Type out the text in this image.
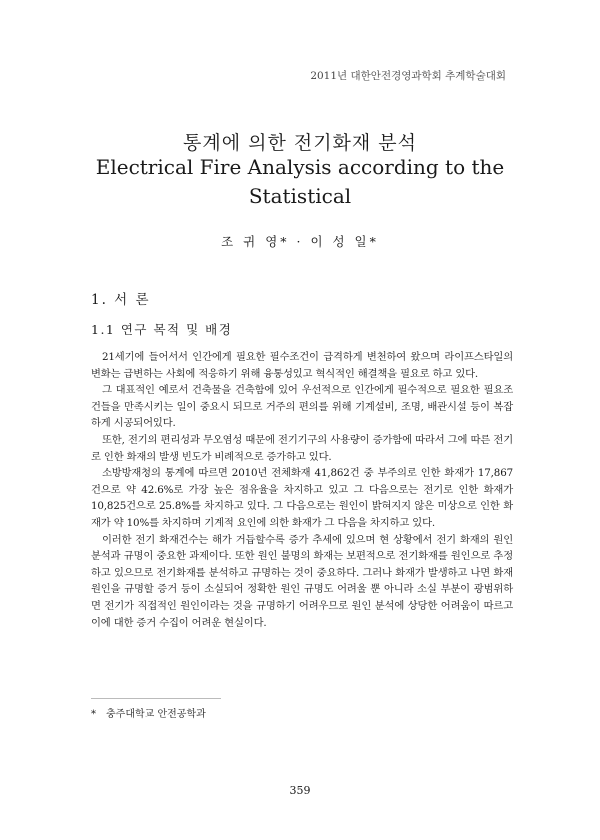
2011년 대한안전경영과학회 추계학술대회
통계에 의한 전기화재 분석
Electrical Fire Analysis according to the Statistical
조 귀 영* · 이 성 일*
1. 서 론
1.1 연구 목적 및 배경

21세기에 들어서서 인간에게 필요한 필수조건이 급격하게 변천하여 왔으며 라이프스타일의 변화는 급변하는 사회에 적응하기 위해 융통성있고 혁식적인 해결책을 필요로 하고 있다.

그 대표적인 예로서 건축물을 건축함에 있어 우선적으로 인간에게 필수적으로 필요한 필요조건들을 만족시키는 일이 중요시 되므로 거주의 편의를 위해 기계설비, 조명, 배관시설 등이 복잡하게 시공되어있다.

또한, 전기의 편리성과 무오염성 때문에 전기기구의 사용량이 증가함에 따라서 그에 따른 전기로 인한 화재의 발생 빈도가 비례적으로 증가하고 있다.

소방방재청의 통계에 따르면 2010년 전체화재 41,862건 중 부주의로 인한 화재가 17,867건으로 약 42.6%로 가장 높은 점유율을 차지하고 있고 그 다음으로는 전기로 인한 화재가 10,825건으로 25.8%를 차지하고 있다. 그 다음으로는 원인이 밝혀지지 않은 미상으로 인한 화재가 약 10%를 차지하며 기계적 요인에 의한 화재가 그 다음을 차지하고 있다.

이러한 전기 화재건수는 해가 거듭할수록 증가 추세에 있으며 현 상황에서 전기 화재의 원인 분석과 규명이 중요한 과제이다. 또한 원인 불명의 화재는 보편적으로 전기화재를 원인으로 추정하고 있으므로 전기화재를 분석하고 규명하는 것이 중요하다. 그러나 화재가 발생하고 나면 화재원인을 규명할 증거 등이 소실되어 정확한 원인 규명도 어려울 뿐 아니라 소실 부분이 광범위하면 전기가 직접적인 원인이라는 것을 규명하기 어려우므로 원인 분석에 상당한 어려움이 따르고 이에 대한 증거 수집이 어려운 현실이다.

* 충주대학교 안전공학과
359
